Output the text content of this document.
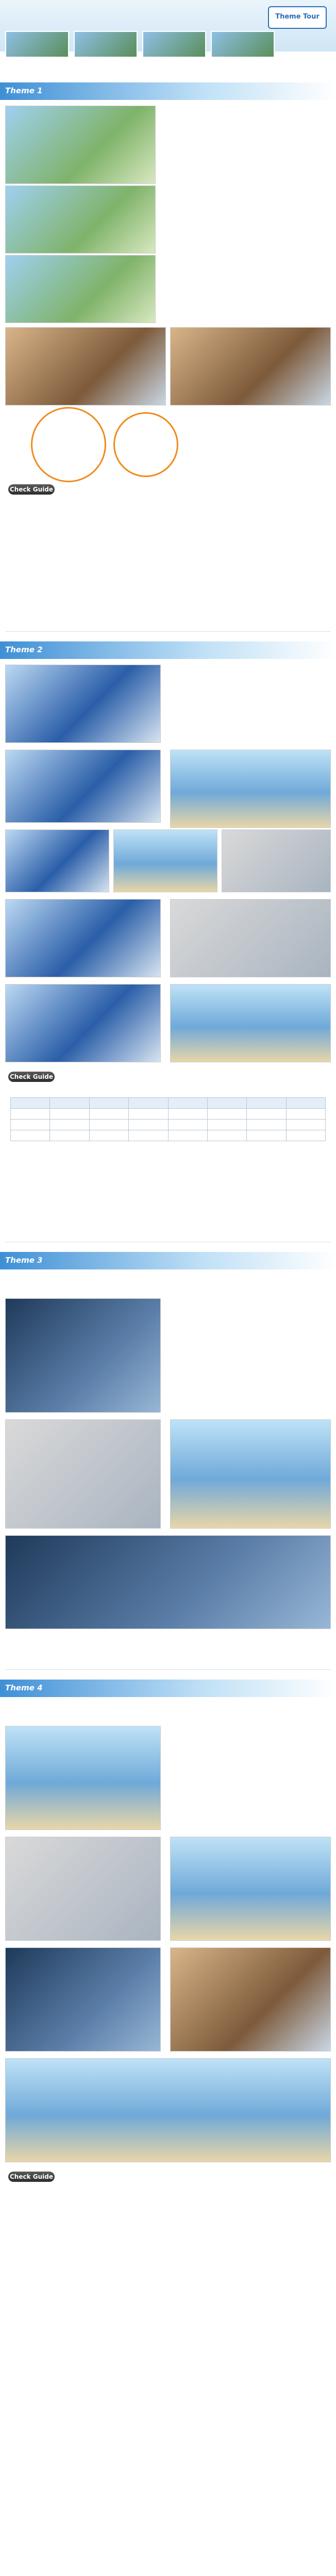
Theme Tour

Theme 1
Check Guide
Theme 2
Check Guide

Theme 3
Theme 4
Check Guide
